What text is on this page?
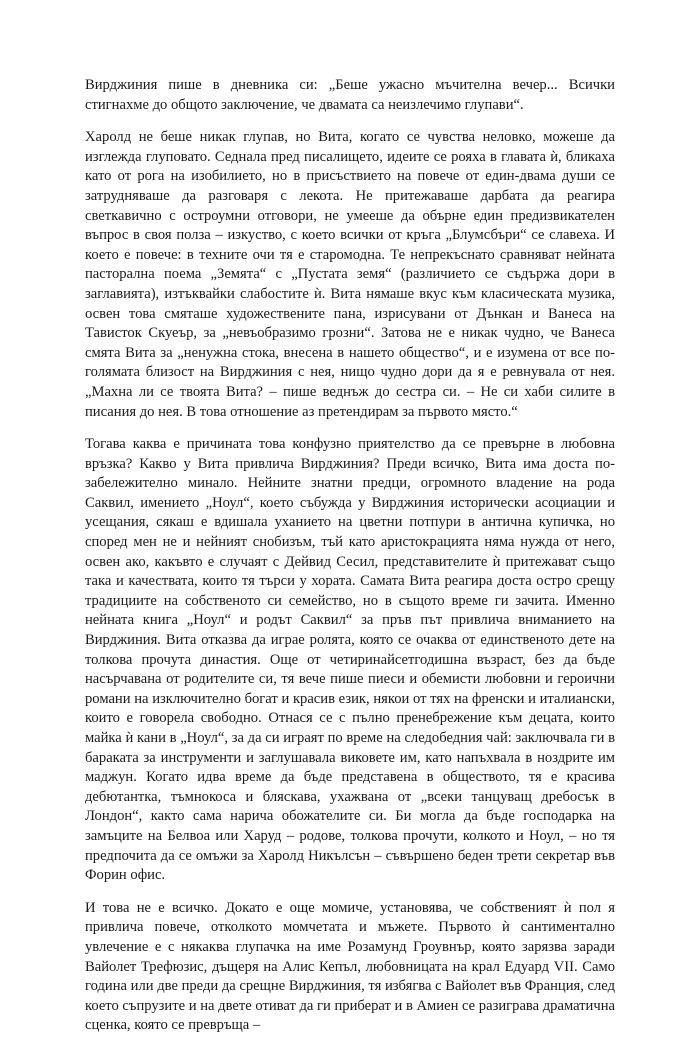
Вирджиния пише в дневника си: „Беше ужасно мъчителна вечер... Всички стигнахме до общото заключение, че двамата са неизлечимо глупави“.

Харолд не беше никак глупав, но Вита, когато се чувства неловко, можеше да изглежда глуповато. Седнала пред писалището, идеите се рояха в главата ѝ, бликаха като от рога на изобилието, но в присъствието на повече от един-двама души се затрудняваше да разговаря с лекота. Не притежаваше дарбата да реагира светкавично с остроумни отговори, не умееше да обърне един предизвикателен въпрос в своя полза – изкуство, с което всички от кръга „Блумсбъри“ се славеха. И което е повече: в техните очи тя е старомодна. Те непрекъснато сравняват нейната пасторална поема „Земята“ с „Пустата земя“ (различието се съдържа дори в заглавията), изтъквайки слабостите ѝ. Вита нямаше вкус към класическата музика, освен това смяташе художествените пана, изрисувани от Дънкан и Ванеса на Тависток Скуеър, за „невъобразимо грозни“. Затова не е никак чудно, че Ванеса смята Вита за „ненужна стока, внесена в нашето общество“, и е изумена от все по-голямата близост на Вирджиния с нея, нищо чудно дори да я е ревнувала от нея. „Махна ли се твоята Вита? – пише веднъж до сестра си. – Не си хаби силите в писания до нея. В това отношение аз претендирам за първото място.“

Тогава каква е причината това конфузно приятелство да се превърне в любовна връзка? Какво у Вита привлича Вирджиния? Преди всичко, Вита има доста по-забележително минало. Нейните знатни предци, огромното владение на рода Саквил, имението „Ноул“, което събужда у Вирджиния исторически асоциации и усещания, сякаш е вдишала уханието на цветни потпури в антична купичка, но според мен не и нейният снобизъм, тъй като аристокрацията няма нужда от него, освен ако, какъвто е случаят с Дейвид Сесил, представителите ѝ притежават също така и качествата, които тя търси у хората. Самата Вита реагира доста остро срещу традициите на собственото си семейство, но в същото време ги зачита. Именно нейната книга „Ноул“ и родът Саквил“ за пръв път привлича вниманието на Вирджиния. Вита отказва да играе ролята, която се очаква от единственото дете на толкова прочута династия. Още от четиринайсетгодишна възраст, без да бъде насърчавана от родителите си, тя вече пише пиеси и обемисти любовни и героични романи на изключително богат и красив език, някои от тях на френски и италиански, които е говорела свободно. Отнася се с пълно пренебрежение към децата, които майка ѝ кани в „Ноул“, за да си играят по време на следобедния чай: заключвала ги в бараката за инструменти и заглушавала виковете им, като напъхвала в ноздрите им маджун. Когато идва време да бъде представена в обществото, тя е красива дебютантка, тъмнокоса и бляскава, ухажвана от „всеки танцуващ дребосък в Лондон“, както сама нарича обожателите си. Би могла да бъде господарка на замъците на Белвоа или Харуд – родове, толкова прочути, колкото и Ноул, – но тя предпочита да се омъжи за Харолд Никълсън – съвършено беден трети секретар във Форин офис.

И това не е всичко. Докато е още момиче, установява, че собственият ѝ пол я привлича повече, отколкото момчетата и мъжете. Първото ѝ сантиментално увлечение е с някаква глупачка на име Розамунд Гроувнър, която зарязва заради Вайолет Трефюзис, дъщеря на Алис Кепъл, любовницата на крал Едуард VII. Само година или две преди да срещне Вирджиния, тя избягва с Вайолет във Франция, след което съпрузите и на двете отиват да ги приберат и в Амиен се разиграва драматична сценка, която се превръща –
